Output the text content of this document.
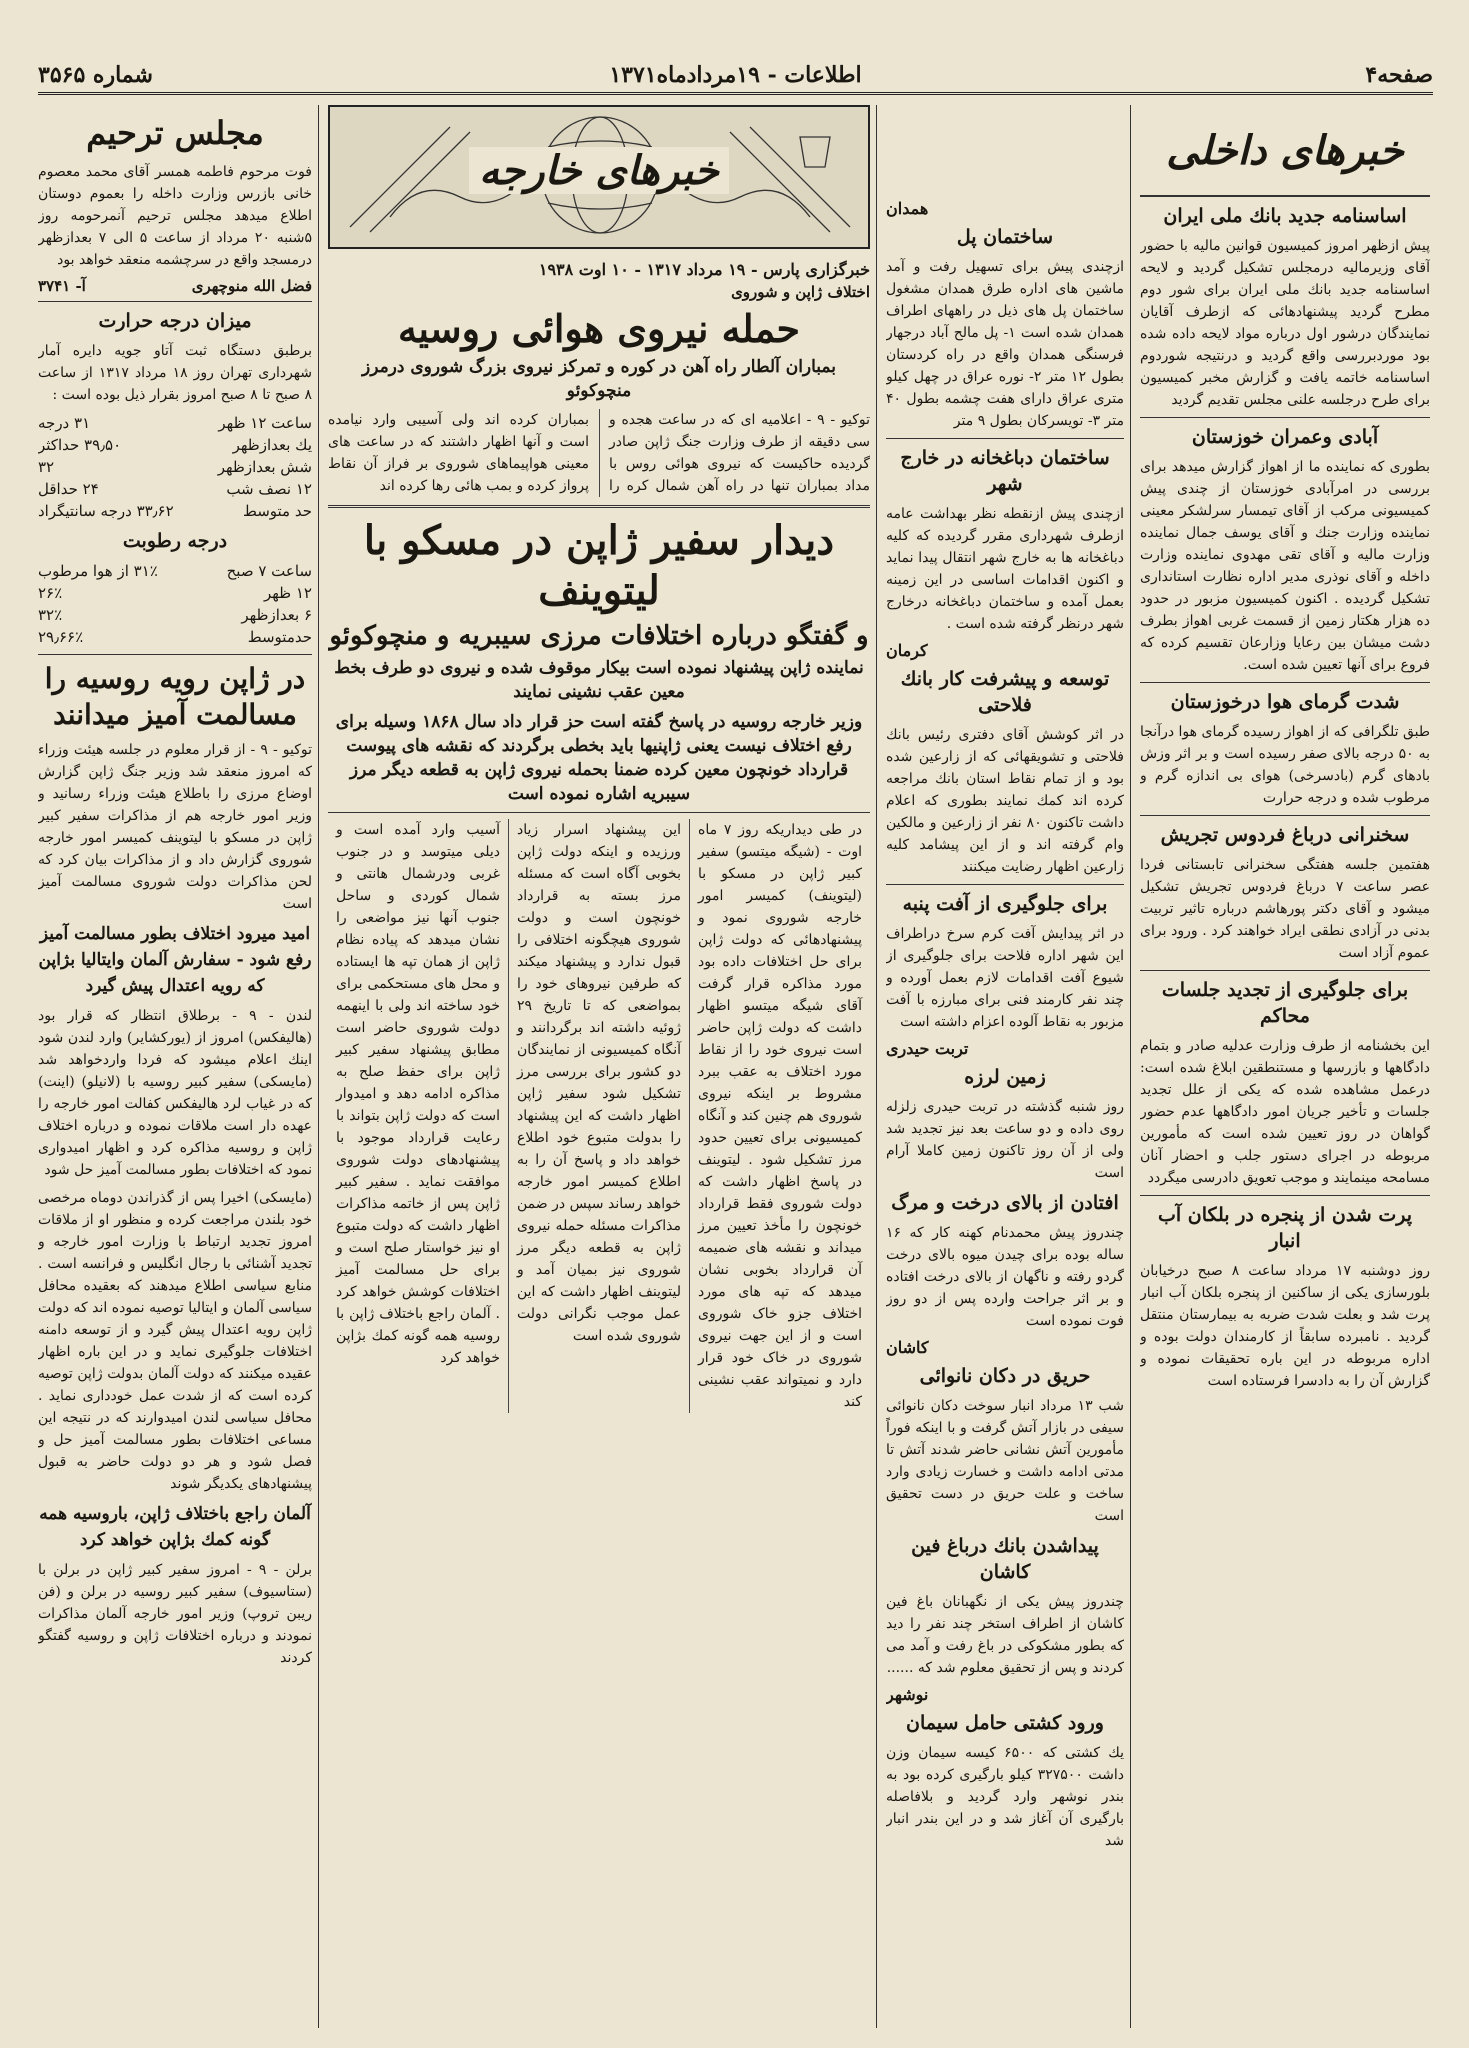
صفحه۴
اطلاعات - ۱۹مردادماه۱۳۷۱
شماره ۳۵۶۵
خبرهای داخلی
اساسنامه جدید بانك ملی ایران

پیش ازظهر امروز کمیسیون قوانین مالیه با حضور آقای وزیرمالیه درمجلس تشکیل گردید و لایحه اساسنامه جدید بانك ملی ایران برای شور دوم مطرح گردید پیشنهادهائی که ازطرف آقایان نمایندگان درشور اول درباره مواد لایحه داده شده بود موردبررسی واقع گردید و درنتیجه شوردوم اساسنامه خاتمه یافت و گزارش مخبر کمیسیون برای طرح درجلسه علنی مجلس تقدیم گردید

آبادی وعمران خوزستان

بطوری که نماینده ما از اهواز گزارش میدهد برای بررسی در امرآبادی خوزستان از چندی پیش کمیسیونی مرکب از آقای تیمسار سرلشکر معینی نماینده وزارت جنك و آقای یوسف جمال نماینده وزارت مالیه و آقای تقی مهدوی نماینده وزارت داخله و آقای نوذری مدیر اداره نظارت استانداری تشکیل گردیده . اکنون کمیسیون مزبور در حدود ده هزار هکتار زمین از قسمت غربی اهواز بطرف دشت میشان بین رعایا وزارعان تقسیم کرده که فروع برای آنها تعیین شده است.

شدت گرمای هوا درخوزستان

طبق تلگرافی که از اهواز رسیده گرمای هوا درآنجا به ۵۰ درجه بالای صفر رسیده است و بر اثر وزش بادهای گرم (بادسرخی) هوای بی اندازه گرم و مرطوب شده و درجه حرارت

سخنرانی درباغ فردوس تجریش

هفتمین جلسه هفتگی سخنرانی تابستانی فردا عصر ساعت ۷ درباغ فردوس تجریش تشکیل میشود و آقای دکتر پورهاشم درباره تاثیر تربیت بدنی در آزادی نطقی ایراد خواهند کرد . ورود برای عموم آزاد است

برای جلوگیری از تجدید جلسات محاکم

این بخشنامه از طرف وزارت عدلیه صادر و بتمام دادگاهها و بازرسها و مستنطقین ابلاغ شده است: درعمل مشاهده شده که یکی از علل تجدید جلسات و تأخیر جریان امور دادگاهها عدم حضور گواهان در روز تعیین شده است که مأمورین مربوطه در اجرای دستور جلب و احضار آنان مسامحه مینمایند و موجب تعویق دادرسی میگردد

پرت شدن از پنجره در بلکان آب انبار

روز دوشنبه ۱۷ مرداد ساعت ۸ صبح درخیابان بلورسازی یکی از ساکنین از پنجره بلکان آب انبار پرت شد و بعلت شدت ضربه به بیمارستان منتقل گردید . نامبرده سابقاً از کارمندان دولت بوده و اداره مربوطه در این باره تحقیقات نموده و گزارش آن را به دادسرا فرستاده است

همدان
ساختمان پل

ازچندی پیش برای تسهیل رفت و آمد ماشین های اداره طرق همدان مشغول ساختمان پل های ذیل در راههای اطراف همدان شده است ۱- پل مالح آباد درجهار فرسنگی همدان واقع در راه کردستان بطول ۱۲ متر ۲- نوره عراق در چهل کیلو متری عراق دارای هفت چشمه بطول ۴۰ متر ۳- تویسرکان بطول ۹ متر

ساختمان دباغخانه در خارج شهر

ازچندی پیش ازنقطه نظر بهداشت عامه ازطرف شهرداری مقرر گردیده که کلیه دباغخانه ها به خارج شهر انتقال پیدا نماید و اکنون اقدامات اساسی در این زمینه بعمل آمده و ساختمان دباغخانه درخارج شهر درنظر گرفته شده است .

کرمان
توسعه و پیشرفت کار بانك فلاحتی

در اثر کوشش آقای دفتری رئیس بانك فلاحتی و تشویقهائی که از زارعین شده بود و از تمام نقاط استان بانك مراجعه کرده اند کمك نمایند بطوری که اعلام داشت تاکنون ۸۰ نفر از زارعین و مالکین وام گرفته اند و از این پیشامد کلیه زارعین اظهار رضایت میکنند

برای جلوگیری از آفت پنبه

در اثر پیدایش آفت کرم سرخ دراطراف این شهر اداره فلاحت برای جلوگیری از شیوع آفت اقدامات لازم بعمل آورده و چند نفر کارمند فنی برای مبارزه با آفت مزبور به نقاط آلوده اعزام داشته است

تربت حیدری
زمین لرزه

روز شنبه گذشته در تربت حیدری زلزله روی داده و دو ساعت بعد نیز تجدید شد ولی از آن روز تاکنون زمین کاملا آرام است

افتادن از بالای درخت و مرگ

چندروز پیش محمدنام کهنه کار که ۱۶ ساله بوده برای چیدن میوه بالای درخت گردو رفته و ناگهان از بالای درخت افتاده و بر اثر جراحت وارده پس از دو روز فوت نموده است

کاشان
حریق در دکان نانوائی

شب ۱۳ مرداد انبار سوخت دکان نانوائی سیفی در بازار آتش گرفت و با اینکه فوراً مأمورین آتش نشانی حاضر شدند آتش تا مدتی ادامه داشت و خسارت زیادی وارد ساخت و علت حریق در دست تحقیق است

پیداشدن بانك درباغ فین کاشان

چندروز پیش یکی از نگهبانان باغ فین کاشان از اطراف استخر چند نفر را دید که بطور مشکوکی در باغ رفت و آمد می کردند و پس از تحقیق معلوم شد که ......

نوشهر
ورود کشتی حامل سیمان

یك کشتی که ۶۵۰۰ کیسه سیمان وزن داشت ۳۲۷۵۰۰ کیلو بارگیری کرده بود به بندر نوشهر وارد گردید و بلافاصله بارگیری آن آغاز شد و در این بندر انبار شد

خبرهای خارجه
خبرگزاری پارس - ۱۹ مرداد ۱۳۱۷ - ۱۰ اوت ۱۹۳۸
اختلاف ژاپن و شوروی
حمله نیروی هوائی روسیه
بمباران آلطار راه آهن در کوره و تمرکز نیروی بزرگ شوروی درمرز منچوکوئو

توکیو - ۹ - اعلامیه ای که در ساعت هجده و سی دقیقه از طرف وزارت جنگ ژاپن صادر گردیده حاکیست که نیروی هوائی روس با مداد بمباران تنها در راه آهن شمال کره را بمباران کرده اند ولی آسیبی وارد نیامده است و آنها اظهار داشتند که در ساعت های معینی هواپیماهای شوروی بر فراز آن نقاط پرواز کرده و بمب هائی رها کرده اند

دیدار سفیر ژاپن در مسکو با لیتوینف
و گفتگو درباره اختلافات مرزی سیبریه و منچوکوئو
نماینده ژاپن پیشنهاد نموده است بیکار موقوف شده و نیروی دو طرف بخط معین عقب نشینی نمایند
وزیر خارجه روسیه در پاسخ گفته است حز قرار داد سال ۱۸۶۸ وسیله برای رفع اختلاف نیست یعنی ژاپنیها باید بخطی برگردند که نقشه های پیوست قرارداد خونچون معین کرده ضمنا بحمله نیروی ژاپن به قطعه دیگر مرز سیبریه اشاره نموده است
در طی دیداریکه روز ۷ ماه اوت - (شیگه میتسو) سفیر کبیر ژاپن در مسکو با (لیتوینف) کمیسر امور خارجه شوروی نمود و پیشنهادهائی که دولت ژاپن برای حل اختلافات داده بود مورد مذاکره قرار گرفت آقای شیگه میتسو اظهار داشت که دولت ژاپن حاضر است نیروی خود را از نقاط مورد اختلاف به عقب ببرد مشروط بر اینکه نیروی شوروی هم چنین کند و آنگاه کمیسیونی برای تعیین حدود مرز تشکیل شود . لیتوینف در پاسخ اظهار داشت که دولت شوروی فقط قرارداد خونچون را مأخذ تعیین مرز میداند و نقشه های ضمیمه آن قرارداد بخوبی نشان میدهد که تپه های مورد اختلاف جزو خاک شوروی است و از این جهت نیروی شوروی در خاک خود قرار دارد و نمیتواند عقب نشینی کند
این پیشنهاد اسرار زیاد ورزیده و اینکه دولت ژاپن بخوبی آگاه است که مسئله مرز بسته به قرارداد خونچون است و دولت شوروی هیچگونه اختلافی را قبول ندارد و پیشنهاد میکند که طرفین نیروهای خود را بمواضعی که تا تاریخ ۲۹ ژوئیه داشته اند برگردانند و آنگاه کمیسیونی از نمایندگان دو کشور برای بررسی مرز تشکیل شود سفیر ژاپن اظهار داشت که این پیشنهاد را بدولت متبوع خود اطلاع خواهد داد و پاسخ آن را به اطلاع کمیسر امور خارجه خواهد رساند سپس در ضمن مذاکرات مسئله حمله نیروی ژاپن به قطعه دیگر مرز شوروی نیز بمیان آمد و لیتوینف اظهار داشت که این عمل موجب نگرانی دولت شوروی شده است
آسیب وارد آمده است و دیلی میتوسد و در جنوب غربی ودرشمال هانتی و شمال کوردی و ساحل جنوب آنها نیز مواضعی را نشان میدهد که پیاده نظام ژاپن از همان تپه ها ایستاده و محل های مستحکمی برای خود ساخته اند ولی با اینهمه دولت شوروی حاضر است مطابق پیشنهاد سفیر کبیر ژاپن برای حفظ صلح به مذاکره ادامه دهد و امیدوار است که دولت ژاپن بتواند با رعایت قرارداد موجود با پیشنهادهای دولت شوروی موافقت نماید . سفیر کبیر ژاپن پس از خاتمه مذاکرات اظهار داشت که دولت متبوع او نیز خواستار صلح است و برای حل مسالمت آمیز اختلافات کوشش خواهد کرد . آلمان راجع باختلاف ژاپن با روسیه همه گونه کمك بژاپن خواهد کرد
مجلس ترحیم

فوت مرحوم فاطمه همسر آقای محمد معصوم خانی بازرس وزارت داخله را بعموم دوستان اطلاع میدهد مجلس ترحیم آنمرحومه روز ۵شنبه ۲۰ مرداد از ساعت ۵ الی ۷ بعدازظهر درمسجد واقع در سرچشمه منعقد خواهد بود

فضل الله منوچهری
آ- ۳۷۴۱
میزان درجه حرارت

برطبق دستگاه ثبت آتاو جویه دایره آمار شهرداری تهران روز ۱۸ مرداد ۱۳۱۷ از ساعت ۸ صبح تا ۸ صبح امروز بقرار ذیل بوده است :

ساعت ۱۲ ظهر
۳۱ درجه
یك بعدازظهر
۳۹٫۵۰ حداکثر
شش بعدازظهر
۳۲
۱۲ نصف شب
۲۴ حداقل
حد متوسط
۳۳٫۶۲ درجه سانتیگراد
درجه رطوبت
ساعت ۷ صبح
۳۱٪ از هوا مرطوب
۱۲ ظهر
۲۶٪
۶ بعدازظهر
۳۲٪
حدمتوسط
۲۹٫۶۶٪
در ژاپن رویه روسیه را مسالمت آمیز میدانند

توکیو - ۹ - از قرار معلوم در جلسه هیئت وزراء که امروز منعقد شد وزیر جنگ ژاپن گزارش اوضاع مرزی را باطلاع هیئت وزراء رسانید و وزیر امور خارجه هم از مذاکرات سفیر کبیر ژاپن در مسکو با لیتوینف کمیسر امور خارجه شوروی گزارش داد و از مذاکرات بیان کرد که لحن مذاکرات دولت شوروی مسالمت آمیز است

امید میرود اختلاف بطور مسالمت آمیز رفع شود - سفارش آلمان وایتالیا بژاپن که رویه اعتدال پیش گیرد

لندن - ۹ - برطلاق انتظار که قرار بود (هالیفکس) امروز از (یورکشایر) وارد لندن شود اینك اعلام میشود که فردا واردخواهد شد (مایسکی) سفیر کبیر روسیه با (لانیلو) (اینت) که در غیاب لرد هالیفکس کفالت امور خارجه را عهده دار است ملاقات نموده و درباره اختلاف ژاپن و روسیه مذاکره کرد و اظهار امیدواری نمود که اختلافات بطور مسالمت آمیز حل شود

(مایسکی) اخیرا پس از گذراندن دوماه مرخصی خود بلندن مراجعت کرده و منظور او از ملاقات امروز تجدید ارتباط با وزارت امور خارجه و تجدید آشنائی با رجال انگلیس و فرانسه است . منابع سیاسی اطلاع میدهند که بعقیده محافل سیاسی آلمان و ایتالیا توصیه نموده اند که دولت ژاپن رویه اعتدال پیش گیرد و از توسعه دامنه اختلافات جلوگیری نماید و در این باره اظهار عقیده میکنند که دولت آلمان بدولت ژاپن توصیه کرده است که از شدت عمل خودداری نماید . محافل سیاسی لندن امیدوارند که در نتیجه این مساعی اختلافات بطور مسالمت آمیز حل و فصل شود و هر دو دولت حاضر به قبول پیشنهادهای یکدیگر شوند

آلمان راجع باختلاف ژاپن، باروسیه همه گونه کمك بژاپن خواهد کرد

برلن - ۹ - امروز سفیر کبیر ژاپن در برلن با (ستاسیوف) سفیر کبیر روسیه در برلن و (فن ریبن تروپ) وزیر امور خارجه آلمان مذاکرات نمودند و درباره اختلافات ژاپن و روسیه گفتگو کردند
